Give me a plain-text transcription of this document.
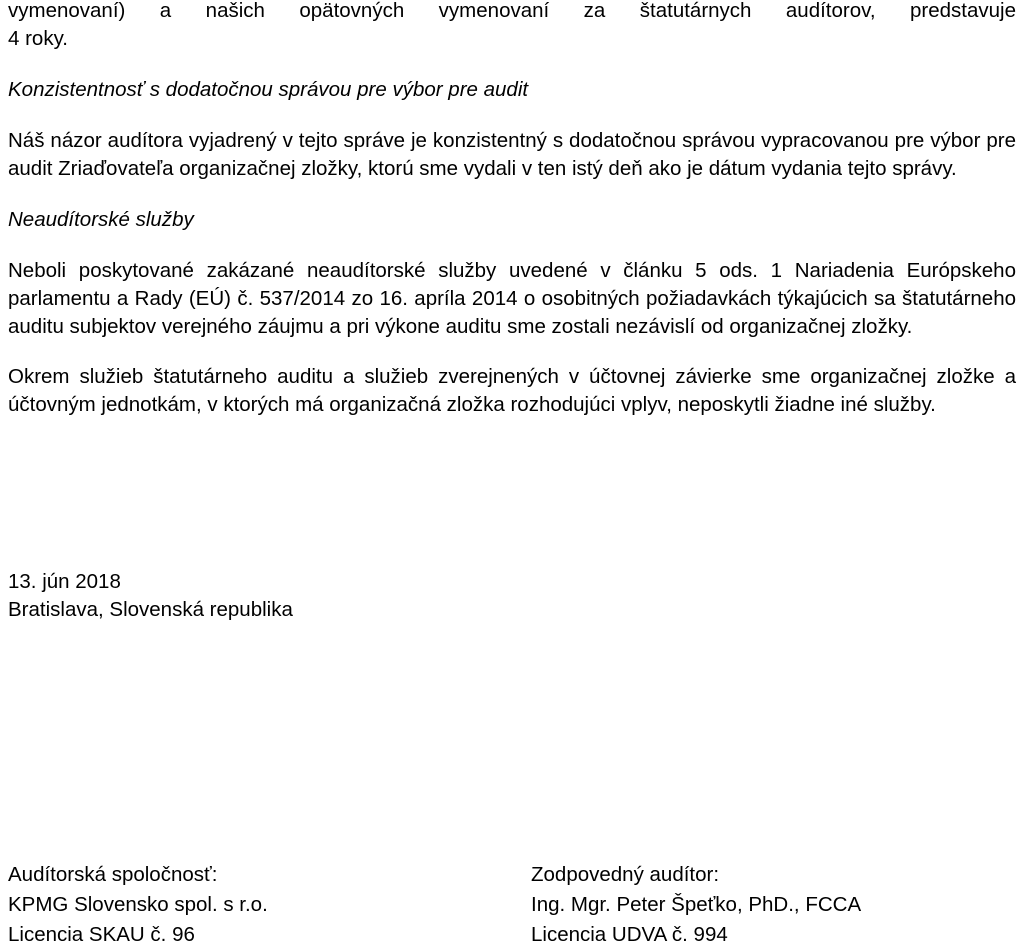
vymenovaní) a našich opätovných vymenovaní za štatutárnych audítorov, predstavuje

4 roky.

Konzistentnosť s dodatočnou správou pre výbor pre audit

Náš názor audítora vyjadrený v tejto správe je konzistentný s dodatočnou správou vypracovanou pre výbor pre audit Zriaďovateľa organizačnej zložky, ktorú sme vydali v ten istý deň ako je dátum vydania tejto správy.

Neaudítorské služby

Neboli poskytované zakázané neaudítorské služby uvedené v článku 5 ods. 1 Nariadenia Európskeho parlamentu a Rady (EÚ) č. 537/2014 zo 16. apríla 2014 o osobitných požiadavkách týkajúcich sa štatutárneho auditu subjektov verejného záujmu a pri výkone auditu sme zostali nezávislí od organizačnej zložky.

Okrem služieb štatutárneho auditu a služieb zverejnených v účtovnej závierke sme organizačnej zložke a účtovným jednotkám, v ktorých má organizačná zložka rozhodujúci vplyv, neposkytli žiadne iné služby.

13. jún 2018

Bratislava, Slovenská republika

Audítorská spoločnosť:

KPMG Slovensko spol. s r.o.

Licencia SKAU č. 96

Zodpovedný audítor:

Ing. Mgr. Peter Špeťko, PhD., FCCA

Licencia UDVA č. 994
